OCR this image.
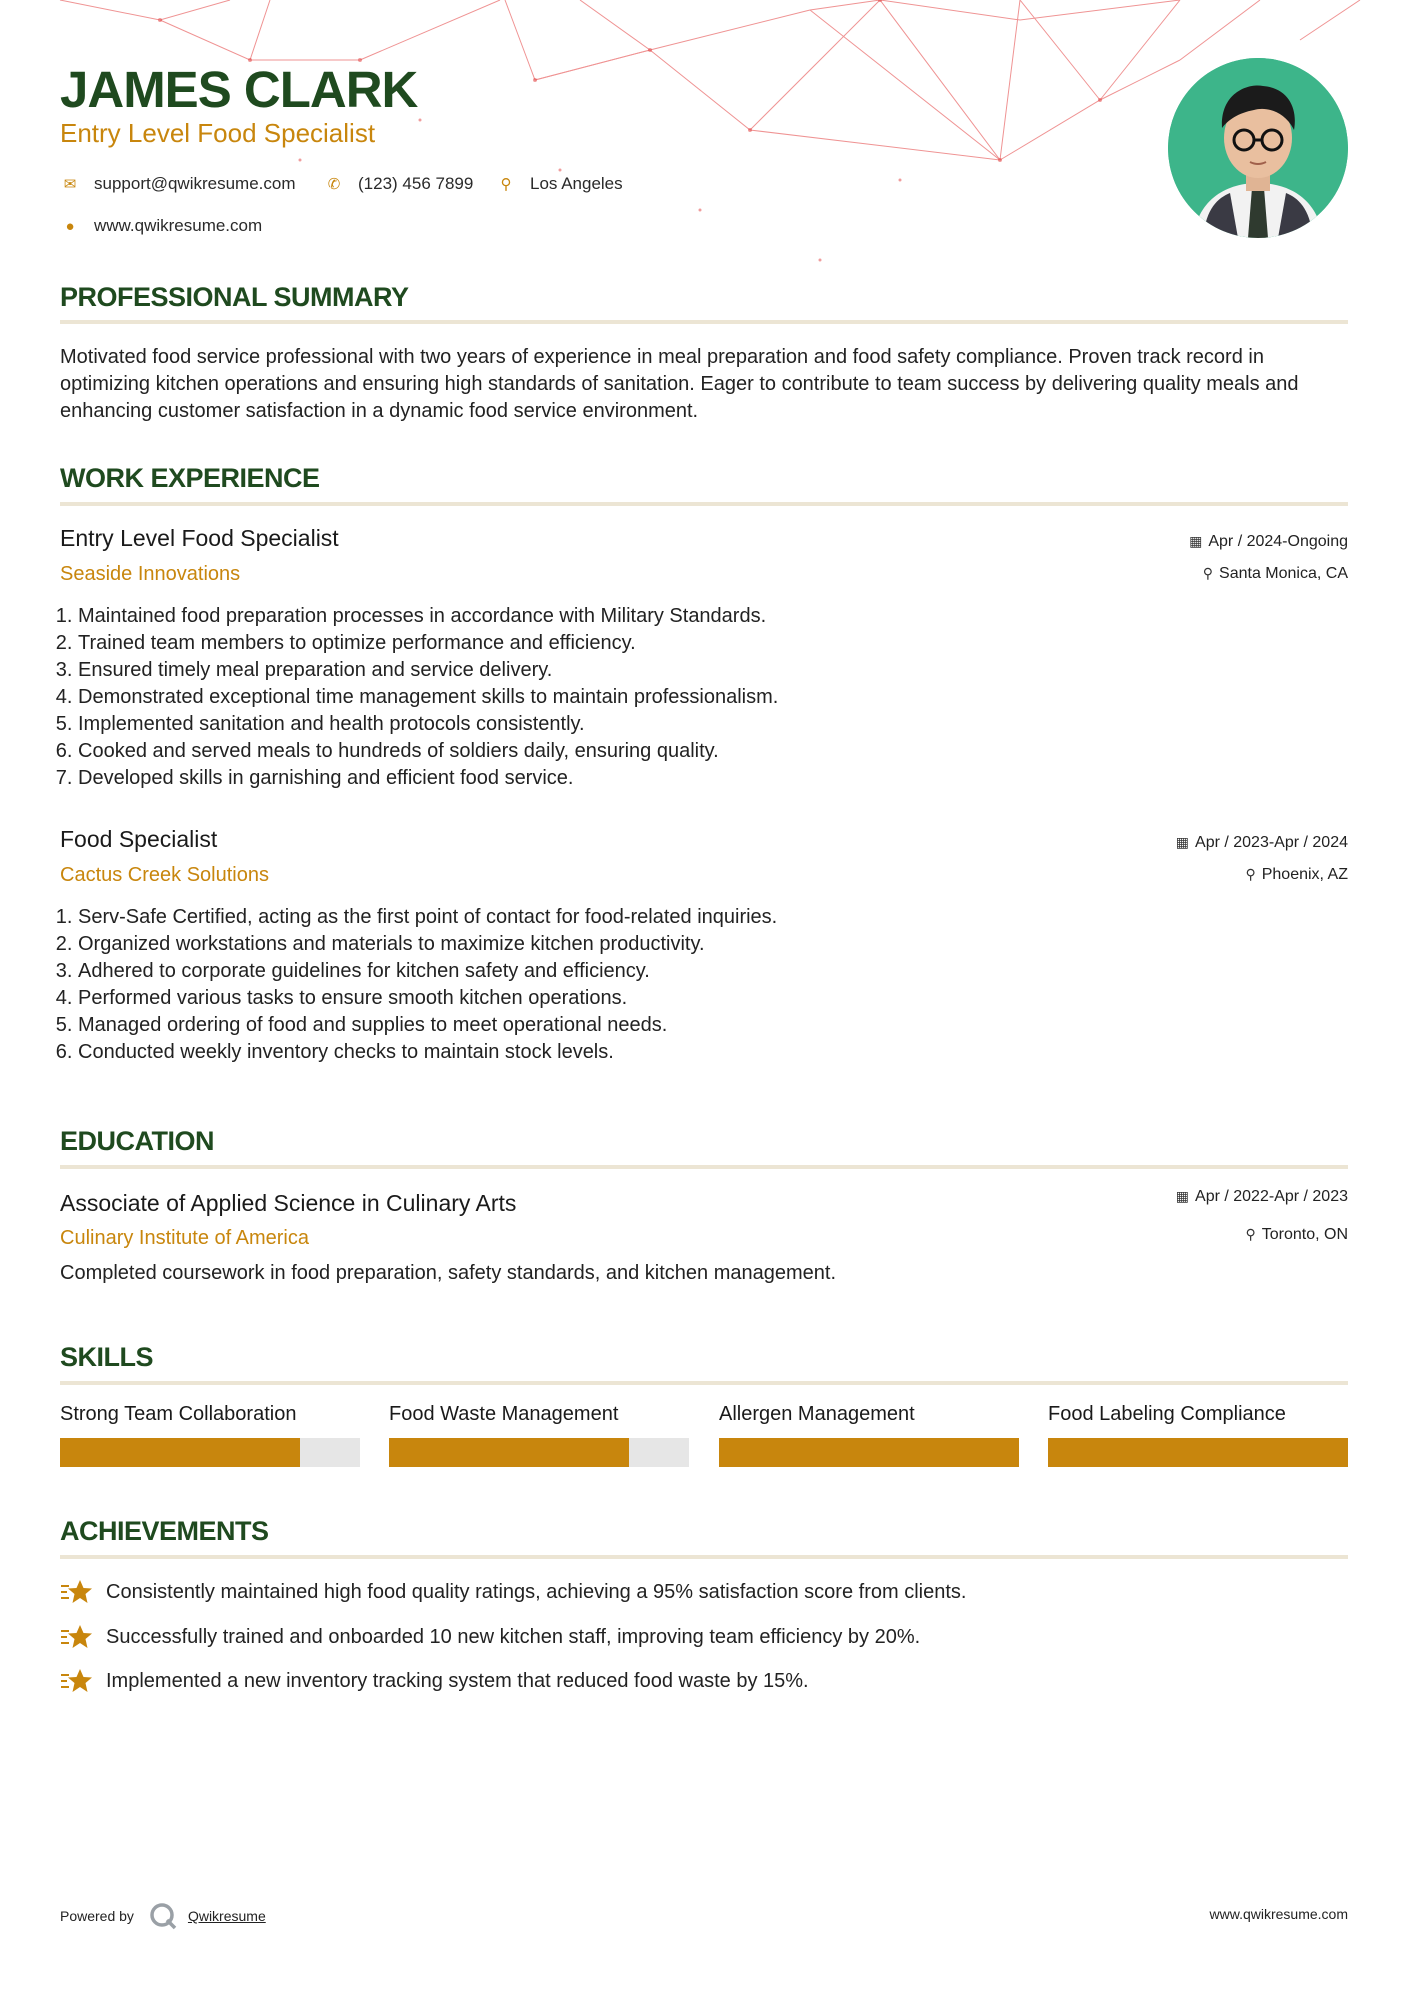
JAMES CLARK
Entry Level Food Specialist
✉ support@qwikresume.com ✆ (123) 456 7899	⚲ Los Angeles
●	www.qwikresume.com
PROFESSIONAL SUMMARY
Motivated food service professional with two years of experience in meal preparation and food safety compliance. Proven track record in optimizing kitchen operations and ensuring high standards of sanitation. Eager to contribute to team success by delivering quality meals and enhancing customer satisfaction in a dynamic food service environment.
WORK EXPERIENCE
Entry Level Food Specialist
Seaside Innovations
▦ Apr / 2024-Ongoing
⚲ Santa Monica, CA
1. Maintained food preparation processes in accordance with Military Standards.
2. Trained team members to optimize performance and efficiency.
3. Ensured timely meal preparation and service delivery.
4. Demonstrated exceptional time management skills to maintain professionalism.
5. Implemented sanitation and health protocols consistently.
6. Cooked and served meals to hundreds of soldiers daily, ensuring quality.
7. Developed skills in garnishing and efficient food service.
Food Specialist
Cactus Creek Solutions
▦ Apr / 2023-Apr / 2024
⚲ Phoenix, AZ
1. Serv-Safe Certified, acting as the first point of contact for food-related inquiries.
2. Organized workstations and materials to maximize kitchen productivity.
3. Adhered to corporate guidelines for kitchen safety and efficiency.
4. Performed various tasks to ensure smooth kitchen operations.
5. Managed ordering of food and supplies to meet operational needs.
6. Conducted weekly inventory checks to maintain stock levels.
EDUCATION
Associate of Applied Science in Culinary Arts
Culinary Institute of America
▦ Apr / 2022-Apr / 2023
⚲ Toronto, ON
Completed coursework in food preparation, safety standards, and kitchen management.
SKILLS
Strong Team Collaboration	Food Waste Management	Allergen Management	Food Labeling Compliance
ACHIEVEMENTS
Consistently maintained high food quality ratings, achieving a 95% satisfaction score from clients.
Successfully trained and onboarded 10 new kitchen staff, improving team efficiency by 20%.
Implemented a new inventory tracking system that reduced food waste by 15%.
Powered by	Qwikresume	www.qwikresume.com
